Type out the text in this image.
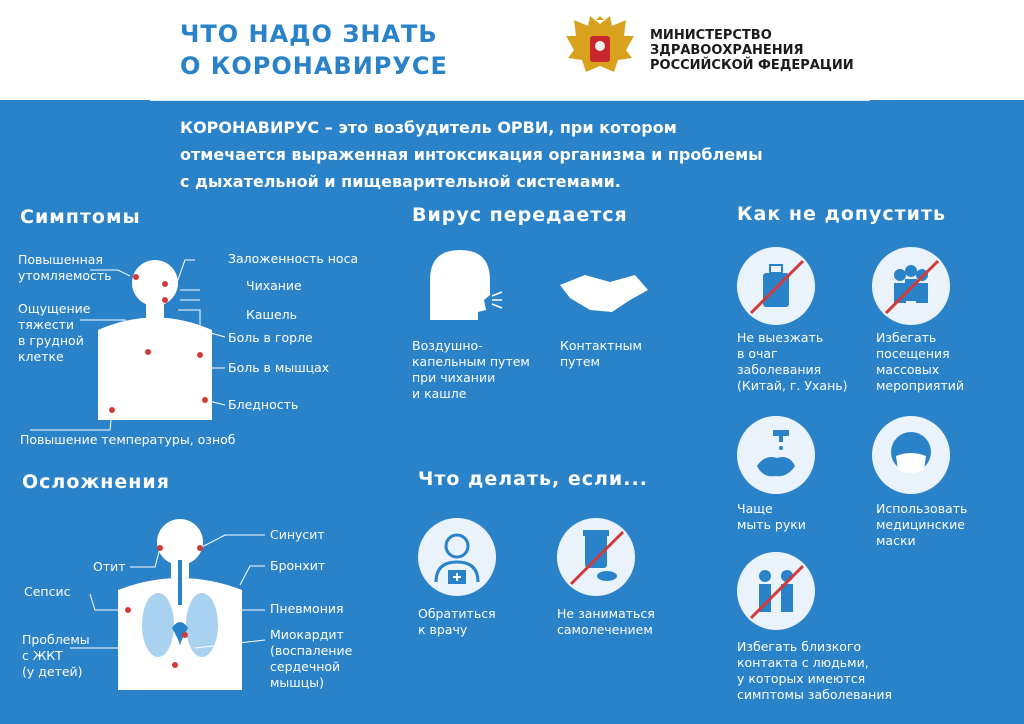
ЧТО НАДО ЗНАТЬ
О КОРОНАВИРУСЕ
МИНИСТЕРСТВО
ЗДРАВООХРАНЕНИЯ
РОССИЙСКОЙ ФЕДЕРАЦИИ
КОРОНАВИРУС – это возбудитель ОРВИ, при котором
отмечается выраженная интоксикация организма и проблемы
с дыхательной и пищеварительной системами.
Симптомы
Осложнения
Вирус передается
Что делать, если...
Как не допустить
Повышенная
утомляемость
Ощущение
тяжести
в грудной
клетке
Заложенность носа
Чихание
Кашель
Боль в горле
Боль в мышцах
Бледность
Повышение температуры, озноб
Отит
Синусит
Сепсис
Бронхит
Пневмония
Проблемы
с ЖКТ
(у детей)
Миокардит
(воспаление
сердечной
мышцы)
Воздушно-
капельным путем
при чихании
и кашле
Контактным
путем
Обратиться
к врачу
Не заниматься
самолечением
Не выезжать
в очаг
заболевания
(Китай, г. Ухань)
Избегать
посещения
массовых
мероприятий
Чаще
мыть руки
Использовать
медицинские
маски
Избегать близкого
контакта с людьми,
у которых имеются
симптомы заболевания
